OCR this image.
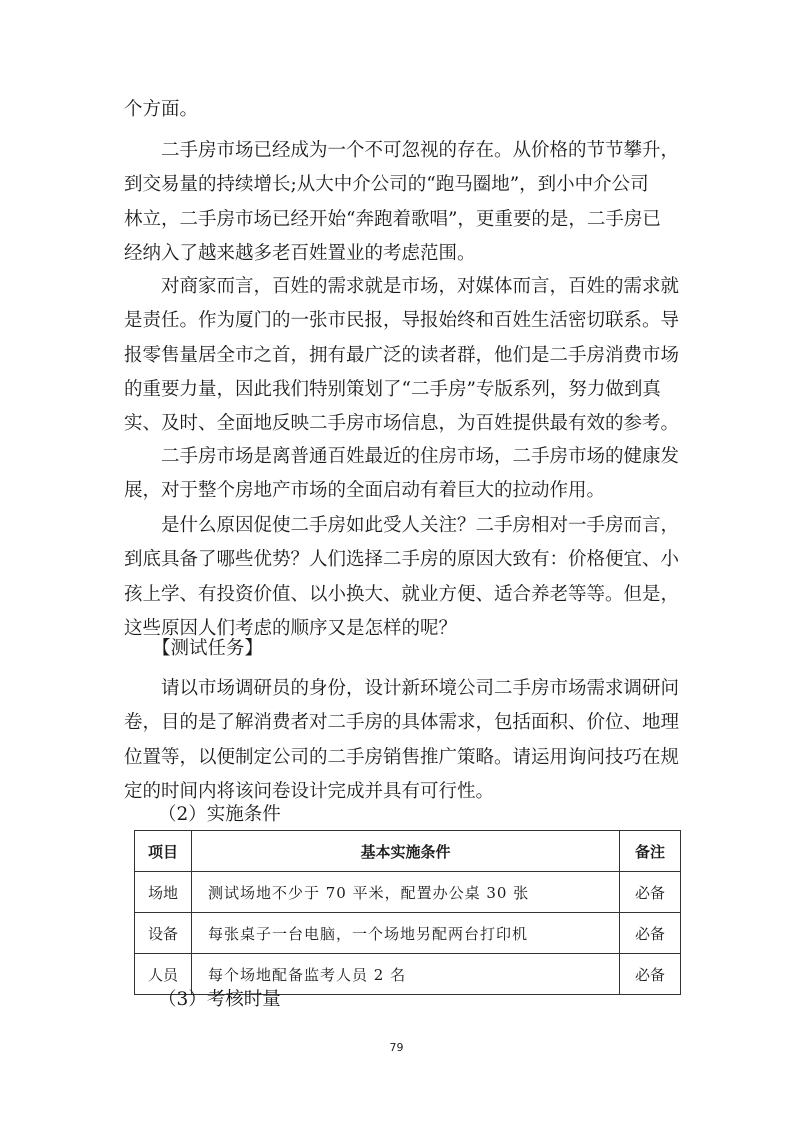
个方面。
二手房市场已经成为一个不可忽视的存在。从价格的节节攀升，
到交易量的持续增长;从大中介公司的“跑马圈地”，到小中介公司
林立，二手房市场已经开始“奔跑着歌唱”，更重要的是，二手房已
经纳入了越来越多老百姓置业的考虑范围。
对商家而言，百姓的需求就是市场，对媒体而言，百姓的需求就
是责任。作为厦门的一张市民报，导报始终和百姓生活密切联系。导
报零售量居全市之首，拥有最广泛的读者群，他们是二手房消费市场
的重要力量，因此我们特别策划了“二手房”专版系列，努力做到真
实、及时、全面地反映二手房市场信息，为百姓提供最有效的参考。
二手房市场是离普通百姓最近的住房市场，二手房市场的健康发
展，对于整个房地产市场的全面启动有着巨大的拉动作用。
是什么原因促使二手房如此受人关注？二手房相对一手房而言，
到底具备了哪些优势？人们选择二手房的原因大致有：价格便宜、小
孩上学、有投资价值、以小换大、就业方便、适合养老等等。但是，
这些原因人们考虑的顺序又是怎样的呢？
【测试任务】
请以市场调研员的身份，设计新环境公司二手房市场需求调研问
卷，目的是了解消费者对二手房的具体需求，包括面积、价位、地理
位置等，以便制定公司的二手房销售推广策略。请运用询问技巧在规
定的时间内将该问卷设计完成并具有可行性。
（2）实施条件
项目	基本实施条件	备注
场地	测试场地不少于 70 平米，配置办公桌 30 张	必备
设备	每张桌子一台电脑，一个场地另配两台打印机	必备
人员	每个场地配备监考人员 2 名	必备
（3）考核时量
79
